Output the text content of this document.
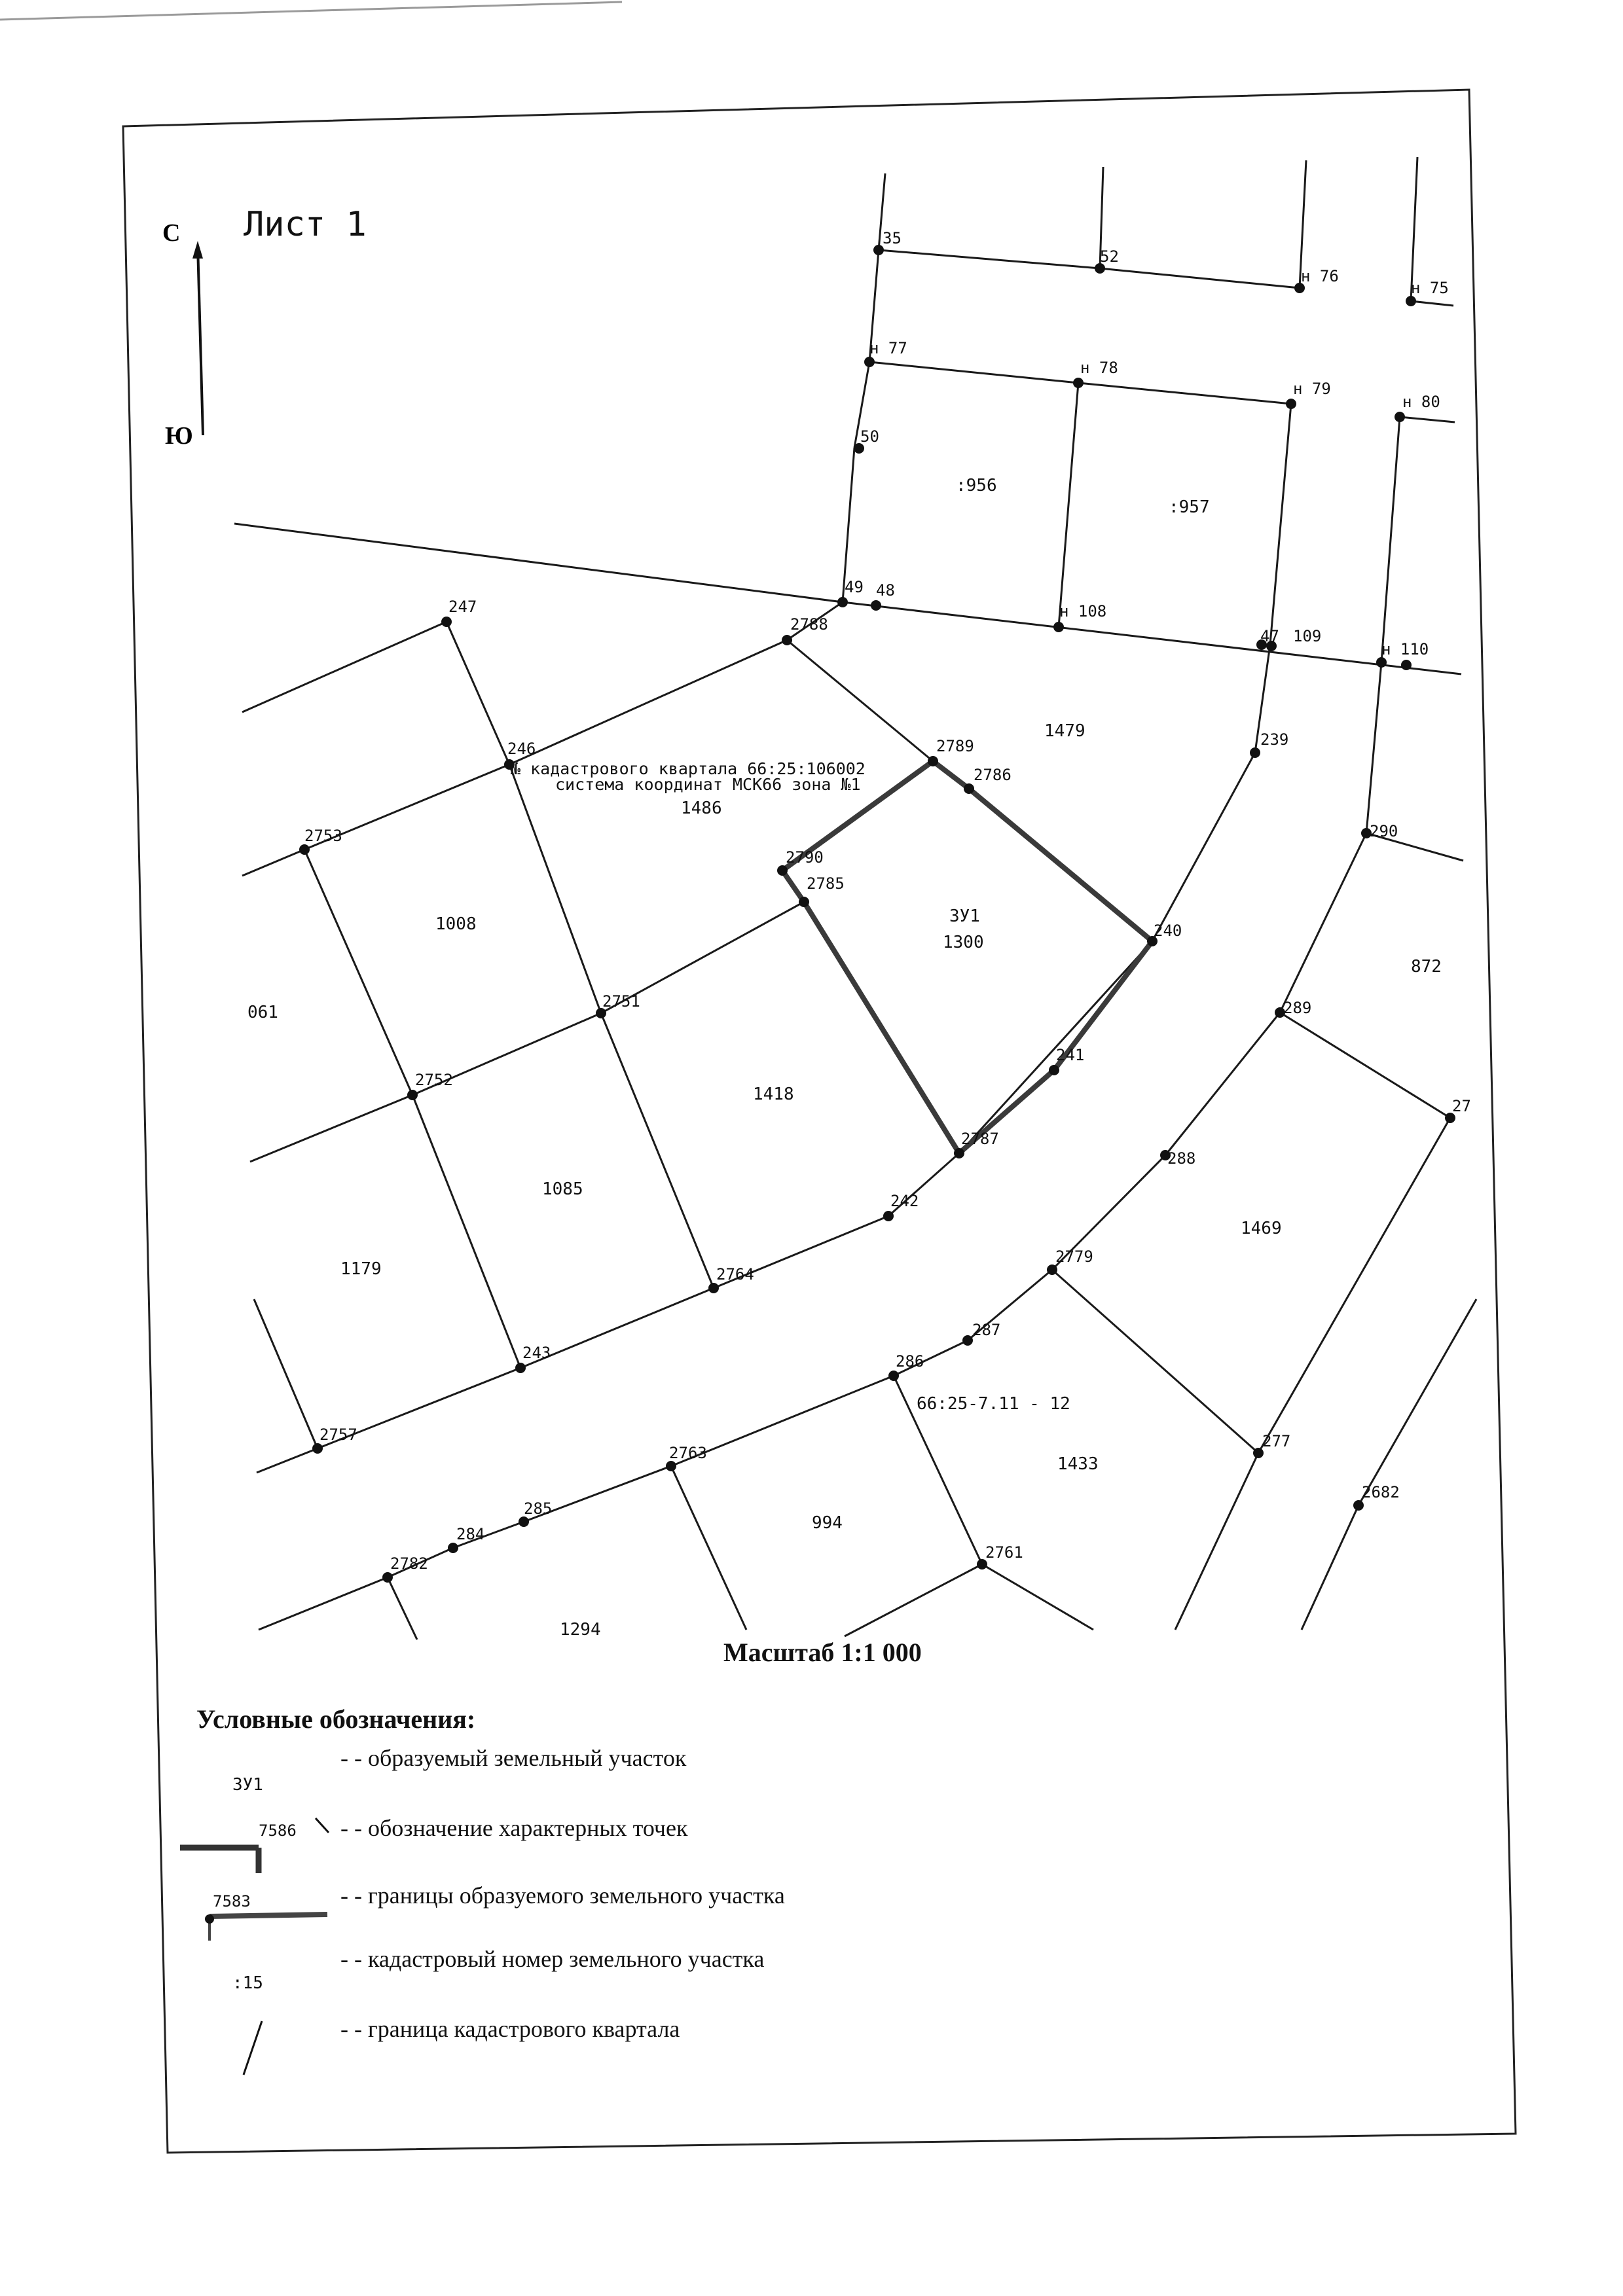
С
Ю
Лист 1	35
52
н 76
н 75
н 77
н 78
н 79
н 80
50
49 48
н 108
47 109
н 110
247
2788
246	2789
2786
239
2753	290
2790
2785
240
2751	289
241
2752
27
2787
288
242
2779
2764
287
243	286
2757	277
2763
2682
285
284
2761
2782
:956
:957
1479
1486
1008
061
ЗУ1
1300
872
1418
1085
1179
1469
66:25-7.11 - 12
1433
994
1294
№ кадастрового квартала 66:25:106002
система координат МСК66 зона №1
Масштаб 1:1 000
Условные обозначения:
ЗУ1
- - образуемый земельный участок
7586 - - обозначение характерных точек
7583	- - границы образуемого земельного участка
:15
- - кадастровый номер земельного участка
- - граница кадастрового квартала
